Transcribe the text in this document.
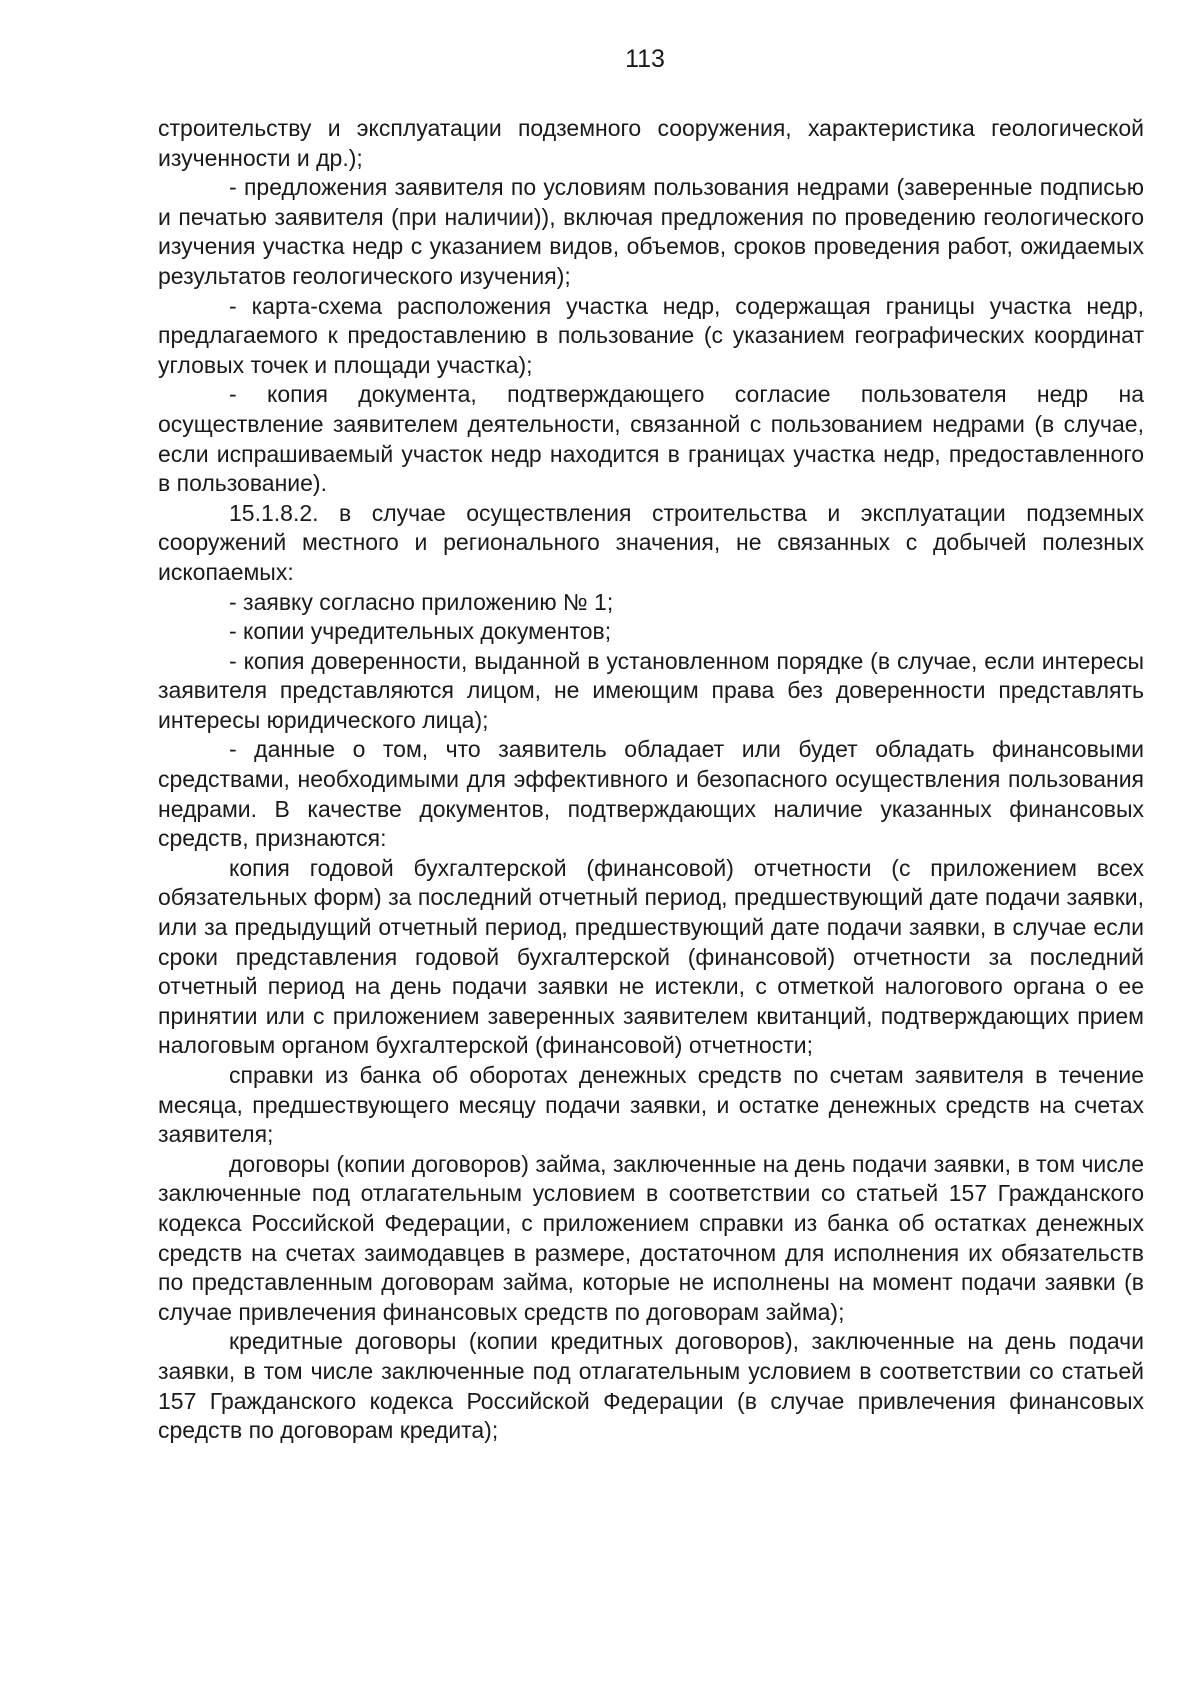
113

строительству и эксплуатации подземного сооружения, характеристика геологической изученности и др.);

- предложения заявителя по условиям пользования недрами (заверенные подписью и печатью заявителя (при наличии)), включая предложения по проведению геологического изучения участка недр с указанием видов, объемов, сроков проведения работ, ожидаемых результатов геологического изучения);

- карта-схема расположения участка недр, содержащая границы участка недр, предлагаемого к предоставлению в пользование (с указанием географических координат угловых точек и площади участка);

- копия документа, подтверждающего согласие пользователя недр на осуществление заявителем деятельности, связанной с пользованием недрами (в случае, если испрашиваемый участок недр находится в границах участка недр, предоставленного в пользование).

15.1.8.2. в случае осуществления строительства и эксплуатации подземных сооружений местного и регионального значения, не связанных с добычей полезных ископаемых:

- заявку согласно приложению № 1;

- копии учредительных документов;

- копия доверенности, выданной в установленном порядке (в случае, если интересы заявителя представляются лицом, не имеющим права без доверенности представлять интересы юридического лица);

- данные о том, что заявитель обладает или будет обладать финансовыми средствами, необходимыми для эффективного и безопасного осуществления пользования недрами. В качестве документов, подтверждающих наличие указанных финансовых средств, признаются:

копия годовой бухгалтерской (финансовой) отчетности (с приложением всех обязательных форм) за последний отчетный период, предшествующий дате подачи заявки, или за предыдущий отчетный период, предшествующий дате подачи заявки, в случае если сроки представления годовой бухгалтерской (финансовой) отчетности за последний отчетный период на день подачи заявки не истекли, с отметкой налогового органа о ее принятии или с приложением заверенных заявителем квитанций, подтверждающих прием налоговым органом бухгалтерской (финансовой) отчетности;

справки из банка об оборотах денежных средств по счетам заявителя в течение месяца, предшествующего месяцу подачи заявки, и остатке денежных средств на счетах заявителя;

договоры (копии договоров) займа, заключенные на день подачи заявки, в том числе заключенные под отлагательным условием в соответствии со статьей 157 Гражданского кодекса Российской Федерации, с приложением справки из банка об остатках денежных средств на счетах заимодавцев в размере, достаточном для исполнения их обязательств по представленным договорам займа, которые не исполнены на момент подачи заявки (в случае привлечения финансовых средств по договорам займа);

кредитные договоры (копии кредитных договоров), заключенные на день подачи заявки, в том числе заключенные под отлагательным условием в соответствии со статьей 157 Гражданского кодекса Российской Федерации (в случае привлечения финансовых средств по договорам кредита);
